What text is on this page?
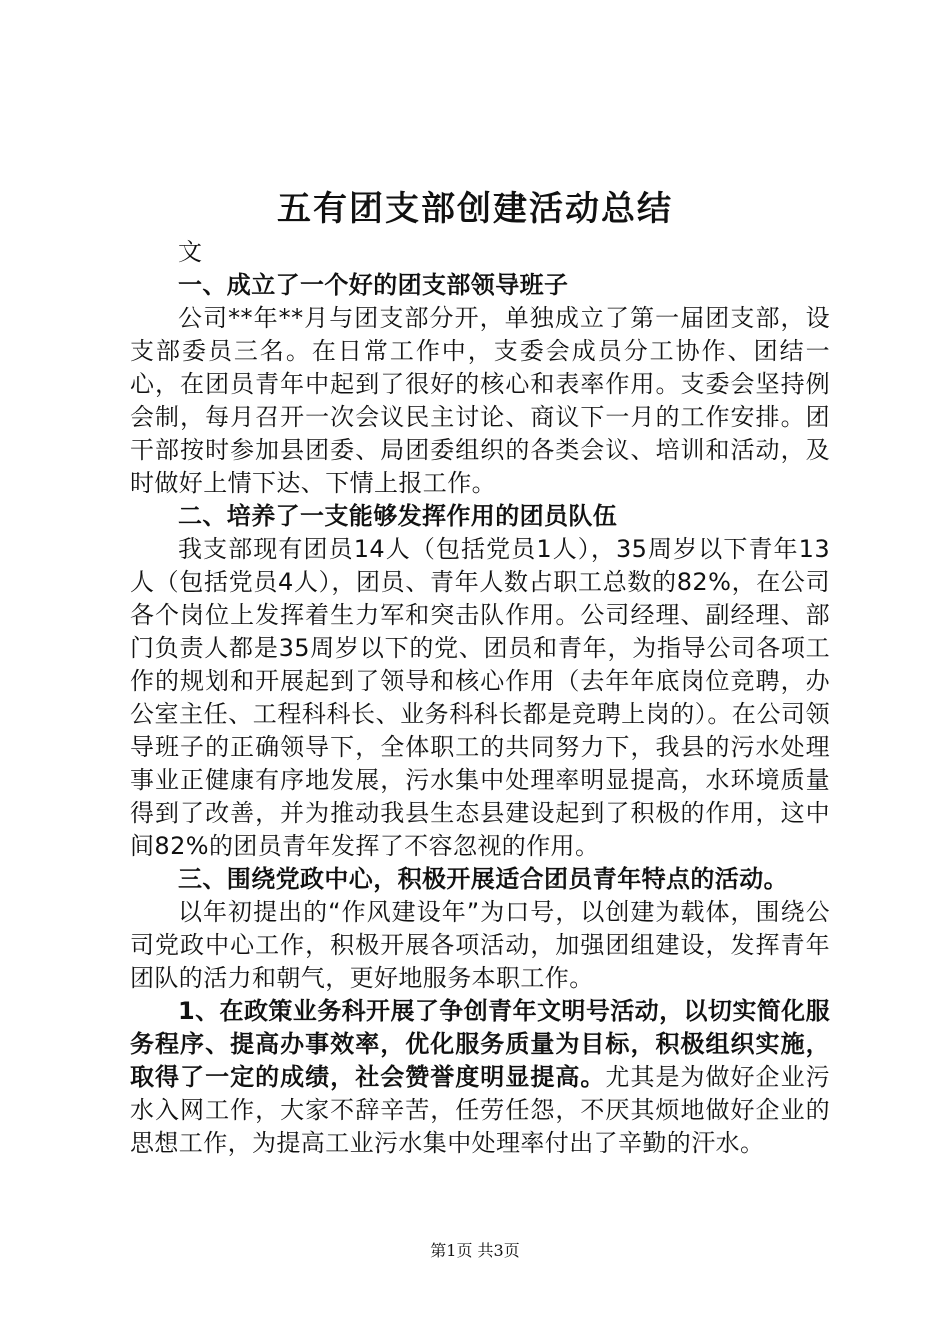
五有团支部创建活动总结

文

一、成立了一个好的团支部领导班子

公司**年**月与团支部分开，单独成立了第一届团支部，设支部委员三名。在日常工作中，支委会成员分工协作、团结一心，在团员青年中起到了很好的核心和表率作用。支委会坚持例会制，每月召开一次会议民主讨论、商议下一月的工作安排。团干部按时参加县团委、局团委组织的各类会议、培训和活动，及时做好上情下达、下情上报工作。

二、培养了一支能够发挥作用的团员队伍

我支部现有团员14人（包括党员1人），35周岁以下青年13人（包括党员4人），团员、青年人数占职工总数的82%，在公司各个岗位上发挥着生力军和突击队作用。公司经理、副经理、部门负责人都是35周岁以下的党、团员和青年，为指导公司各项工作的规划和开展起到了领导和核心作用（去年年底岗位竞聘，办公室主任、工程科科长、业务科科长都是竞聘上岗的）。在公司领导班子的正确领导下，全体职工的共同努力下，我县的污水处理事业正健康有序地发展，污水集中处理率明显提高，水环境质量得到了改善，并为推动我县生态县建设起到了积极的作用，这中间82%的团员青年发挥了不容忽视的作用。

三、围绕党政中心，积极开展适合团员青年特点的活动。

以年初提出的“作风建设年”为口号，以创建为载体，围绕公司党政中心工作，积极开展各项活动，加强团组建设，发挥青年团队的活力和朝气，更好地服务本职工作。

1、在政策业务科开展了争创青年文明号活动，以切实简化服务程序、提高办事效率，优化服务质量为目标，积极组织实施，取得了一定的成绩，社会赞誉度明显提高。尤其是为做好企业污水入网工作，大家不辞辛苦，任劳任怨，不厌其烦地做好企业的思想工作，为提高工业污水集中处理率付出了辛勤的汗水。

第1页 共3页
